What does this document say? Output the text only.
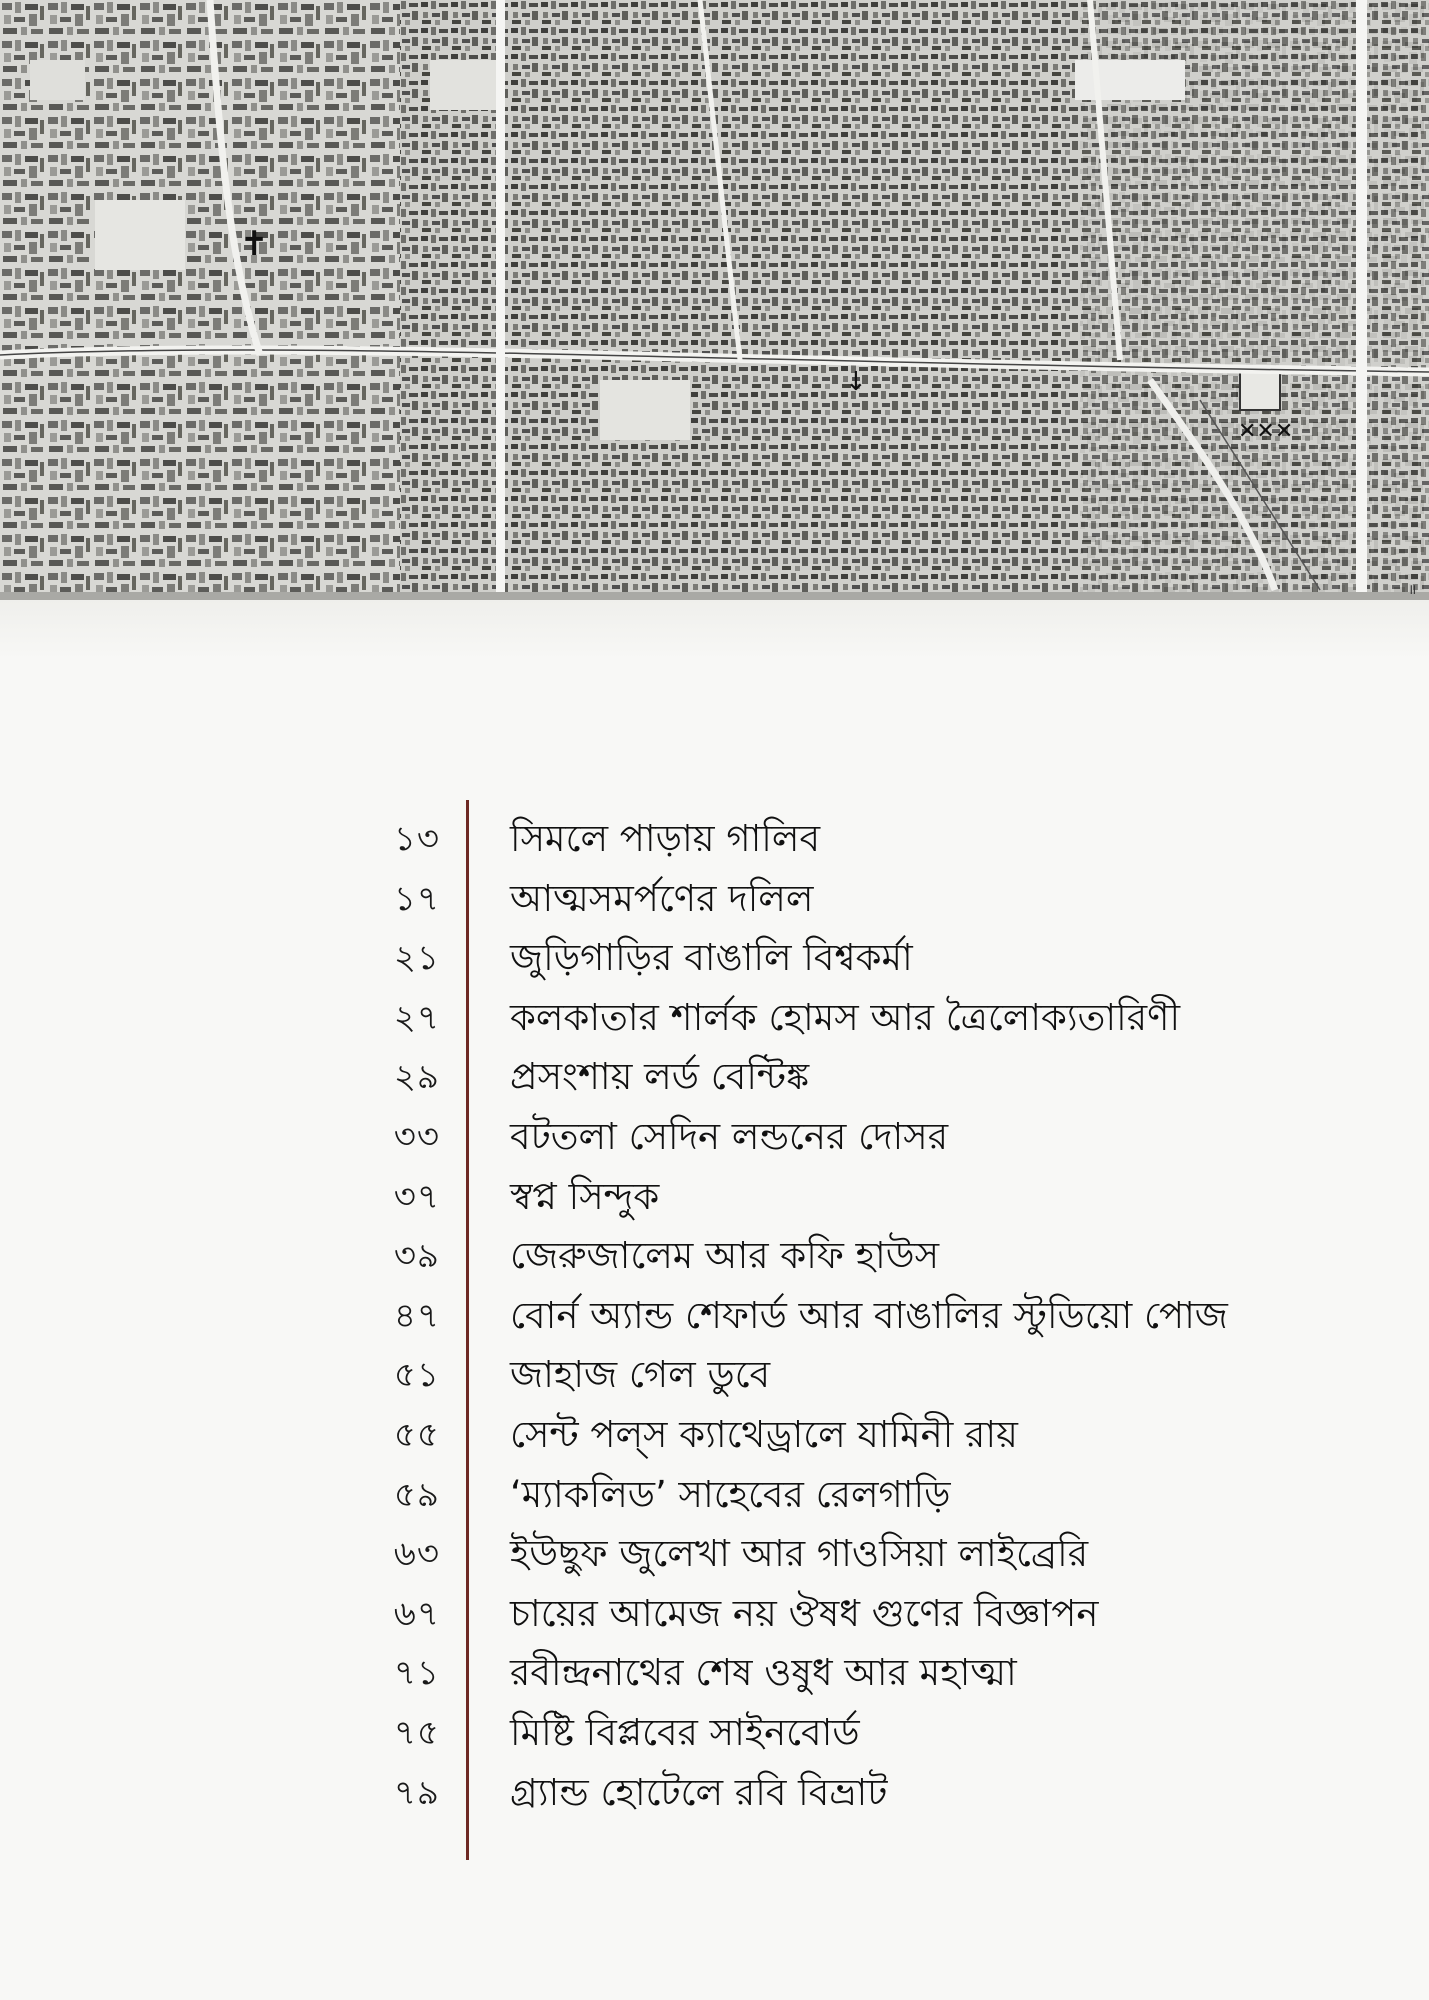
✝
↓
✕✕✕
॥
১৩ সিমলে পাড়ায় গালিব
১৭ আত্মসমর্পণের দলিল
২১ জুড়িগাড়ির বাঙালি বিশ্বকর্মা
২৭ কলকাতার শার্লক হোমস আর ত্রৈলোক্যতারিণী
২৯ প্রসংশায় লর্ড বেন্টিঙ্ক
৩৩ বটতলা সেদিন লন্ডনের দোসর
৩৭ স্বপ্ন সিন্দুক
৩৯ জেরুজালেম আর কফি হাউস
৪৭ বোর্ন অ্যান্ড শেফার্ড আর বাঙালির স্টুডিয়ো পোজ
৫১ জাহাজ গেল ডুবে
৫৫ সেন্ট পল্‌স ক্যাথেড্রালে যামিনী রায়
৫৯ ‘ম্যাকলিড’ সাহেবের রেলগাড়ি
৬৩ ইউছুফ জুলেখা আর গাওসিয়া লাইব্রেরি
৬৭ চায়ের আমেজ নয় ঔষধ গুণের বিজ্ঞাপন
৭১ রবীন্দ্রনাথের শেষ ওষুধ আর মহাত্মা
৭৫ মিষ্টি বিপ্লবের সাইনবোর্ড
৭৯ গ্র্যান্ড হোটেলে রবি বিভ্রাট
